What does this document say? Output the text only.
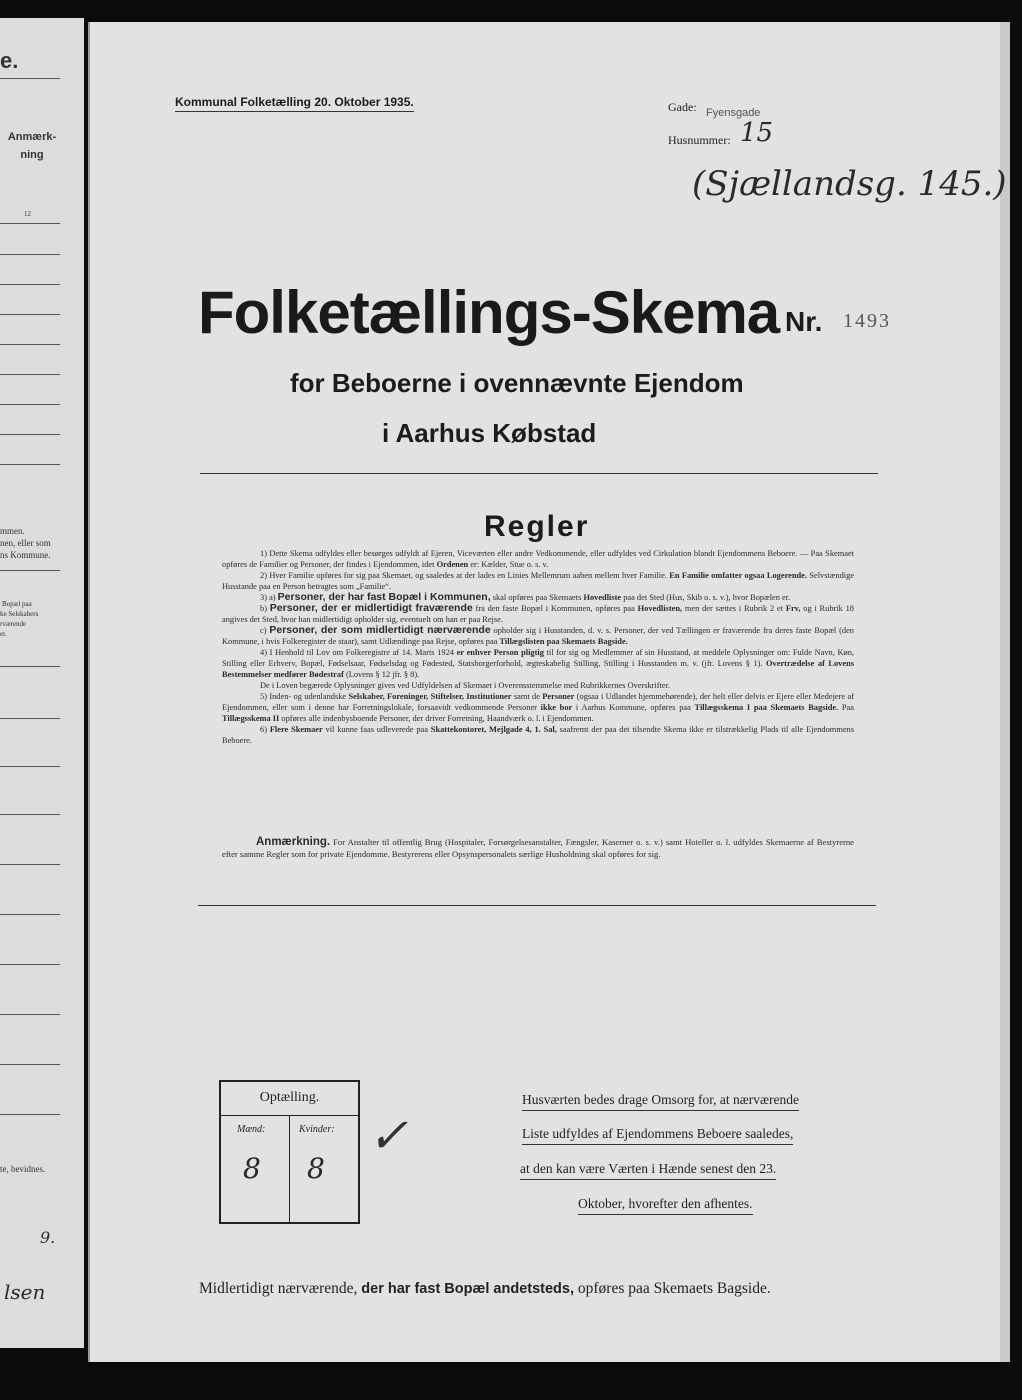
e.
Anmærk-
ning
12
mmen.
nen, eller som
ns Kommune.
Bopæl paa
ke Selskabers
rværende
et.
te, bevidnes.
9.
lsen
Kommunal Folketælling 20. Oktober 1935.	Gade: Fyensgade
Husnummer: 15
(Sjællandsg. 145.)
Folketællings-Skema Nr. 1493
for Beboerne i ovennævnte Ejendom
i Aarhus Købstad
Regler

1) Dette Skema udfyldes eller besørges udfyldt af Ejeren, Viceværten eller andre Vedkommende, eller udfyldes ved Cirkulation blandt Ejendommens Beboere. — Paa Skemaet opføres de Familier og Personer, der findes i Ejendommen, idet Ordenen er: Kælder, Stue o. s. v.

2) Hver Familie opføres for sig paa Skemaet, og saaledes at der lades en Linies Mellemrum aaben mellem hver Familie. En Familie omfatter ogsaa Logerende. Selvstændige Husstande paa en Person betragtes som „Familie“.

3) a) Personer, der har fast Bopæl i Kommunen, skal opføres paa Skemaets Hovedliste paa det Sted (Hus, Skib o. s. v.), hvor Bopælen er.

b) Personer, der er midlertidigt fraværende fra den faste Bopæl i Kommunen, opføres paa Hovedlisten, men der sættes i Rubrik 2 et Frv, og i Rubrik 18 angives det Sted, hvor han midlertidigt opholder sig, eventuelt om han er paa Rejse.

c) Personer, der som midlertidigt nærværende opholder sig i Husstanden, d. v. s. Personer, der ved Tællingen er fraværende fra deres faste Bopæl (den Kommune, i hvis Folkeregister de staar), samt Udlændinge paa Rejse, opføres paa Tillægslisten paa Skemaets Bagside.

4) I Henhold til Lov om Folkeregistre af 14. Marts 1924 er enhver Person pligtig til for sig og Medlemmer af sin Husstand, at meddele Oplysninger om: Fulde Navn, Køn, Stilling eller Erhverv, Bopæl, Fødselsaar, Fødselsdag og Fødested, Statsborgerforhold, ægteskabelig Stilling, Stilling i Husstanden m. v. (jfr. Lovens § 1). Overtrædelse af Lovens Bestemmelser medfører Bødestraf (Lovens § 12 jfr. § 8).

De i Loven begærede Oplysninger gives ved Udfyldelsen af Skemaet i Overensstemmelse med Rubrikkernes Overskrifter.

5) Inden- og udenlandske Selskaber, Foreninger, Stiftelser, Institutioner samt de Personer (ogsaa i Udlandet hjemmehørende), der helt eller delvis er Ejere eller Medejere af Ejendommen, eller som i denne har Forretningslokale, forsaavidt vedkommende Personer ikke bor i Aarhus Kommune, opføres paa Tillægsskema I paa Skemaets Bagside. Paa Tillægsskema II opføres alle indenbysboende Personer, der driver Forretning, Haandværk o. l. i Ejendommen.

6) Flere Skemaer vil kunne faas udleverede paa Skattekontoret, Mejlgade 4, 1. Sal, saafremt der paa det tilsendte Skema ikke er tilstrækkelig Plads til alle Ejendommens Beboere.

Anmærkning. For Anstalter til offentlig Brug (Hospitaler, Forsørgelsesanstalter, Fængsler, Kaserner o. s. v.) samt Hoteller o. l. udfyldes Skemaerne af Bestyrerne efter samme Regler som for private Ejendomme. Bestyrerens eller Opsynspersonalets særlige Husholdning skal opføres for sig.
Optælling.
Mænd:	Kvinder:
8 8
✓
Husværten bedes drage Omsorg for, at nærværende
Liste udfyldes af Ejendommens Beboere saaledes,
at den kan være Værten i Hænde senest den 23.
Oktober, hvorefter den afhentes.
Midlertidigt nærværende, der har fast Bopæl andetsteds, opføres paa Skemaets Bagside.
